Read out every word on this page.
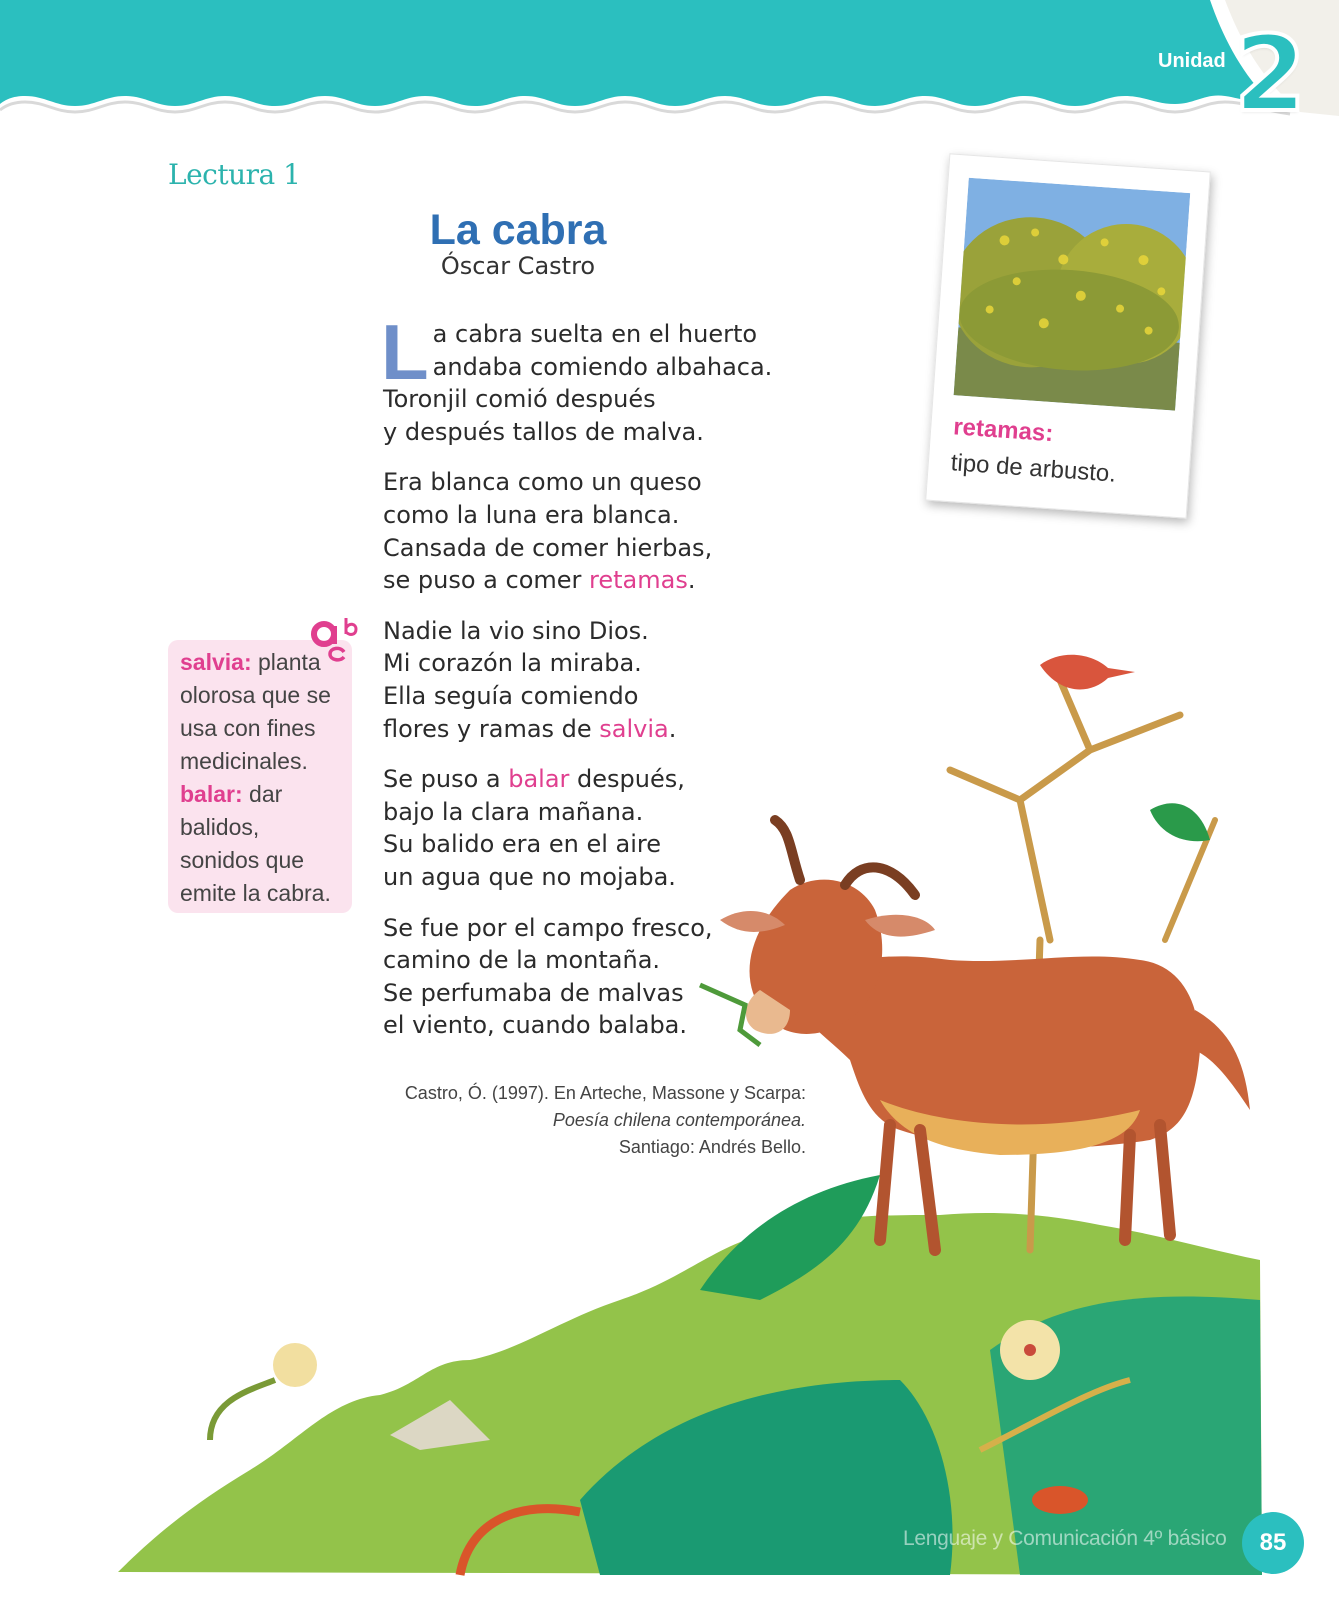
Unidad 2
Lectura 1
La cabra
Óscar Castro
L a cabra suelta en el huerto
andaba comiendo albahaca.
Toronjil comió después
y después tallos de malva.
Era blanca como un queso
como la luna era blanca.
Cansada de comer hierbas,
se puso a comer retamas.
Nadie la vio sino Dios.
Mi corazón la miraba.
Ella seguía comiendo
flores y ramas de salvia.
Se puso a balar después,
bajo la clara mañana.
Su balido era en el aire
un agua que no mojaba.
Se fue por el campo fresco,
camino de la montaña.
Se perfumaba de malvas
el viento, cuando balaba.
Castro, Ó. (1997). En Arteche, Massone y Scarpa:
Poesía chilena contemporánea.
Santiago: Andrés Bello.

salvia: planta olorosa que se usa con fines medicinales.

balar: dar balidos, sonidos que emite la cabra.

retamas:
tipo de arbusto.
Lenguaje y Comunicación 4º básico	85
